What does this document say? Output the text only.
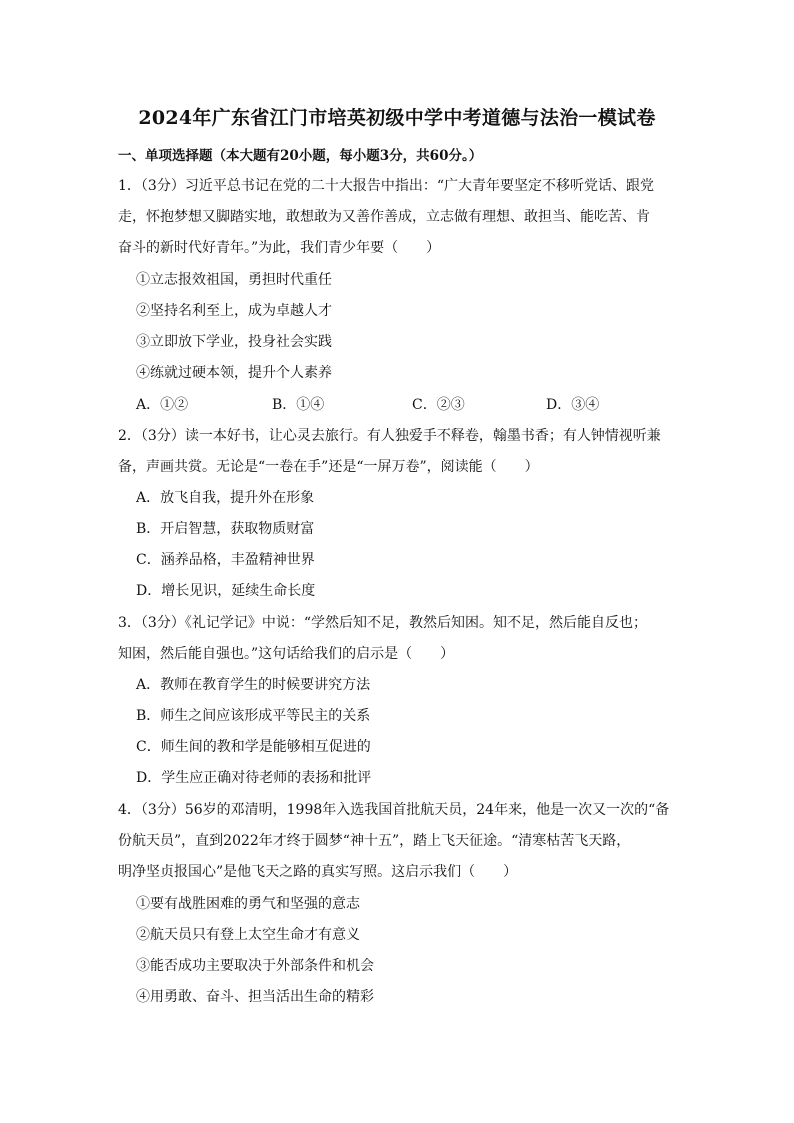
2024年广东省江门市培英初级中学中考道德与法治一模试卷
一、单项选择题（本大题有20小题，每小题3分，共60分。）
1．（3分）习近平总书记在党的二十大报告中指出：“广大青年要坚定不移听党话、跟党
走，怀抱梦想又脚踏实地，敢想敢为又善作善成，立志做有理想、敢担当、能吃苦、肯
奋斗的新时代好青年。”为此，我们青少年要（　　）
①立志报效祖国，勇担时代重任
②坚持名利至上，成为卓越人才
③立即放下学业，投身社会实践
④练就过硬本领，提升个人素养
A．①②	B．①④	C．②③	D．③④
2．（3分）读一本好书，让心灵去旅行。有人独爱手不释卷，翰墨书香；有人钟情视听兼
备，声画共赏。无论是“一卷在手”还是“一屏万卷”，阅读能（　　）
A．放飞自我，提升外在形象
B．开启智慧，获取物质财富
C．涵养品格，丰盈精神世界
D．增长见识，延续生命长度
3．（3分）《礼记学记》中说：“学然后知不足，教然后知困。知不足，然后能自反也；
知困，然后能自强也。”这句话给我们的启示是（　　）
A．教师在教育学生的时候要讲究方法
B．师生之间应该形成平等民主的关系
C．师生间的教和学是能够相互促进的
D．学生应正确对待老师的表扬和批评
4．（3分）56岁的邓清明，1998年入选我国首批航天员，24年来，他是一次又一次的“备
份航天员”，直到2022年才终于圆梦“神十五”，踏上飞天征途。“清寒枯苦飞天路，
明净坚贞报国心”是他飞天之路的真实写照。这启示我们（　　）
①要有战胜困难的勇气和坚强的意志
②航天员只有登上太空生命才有意义
③能否成功主要取决于外部条件和机会
④用勇敢、奋斗、担当活出生命的精彩
